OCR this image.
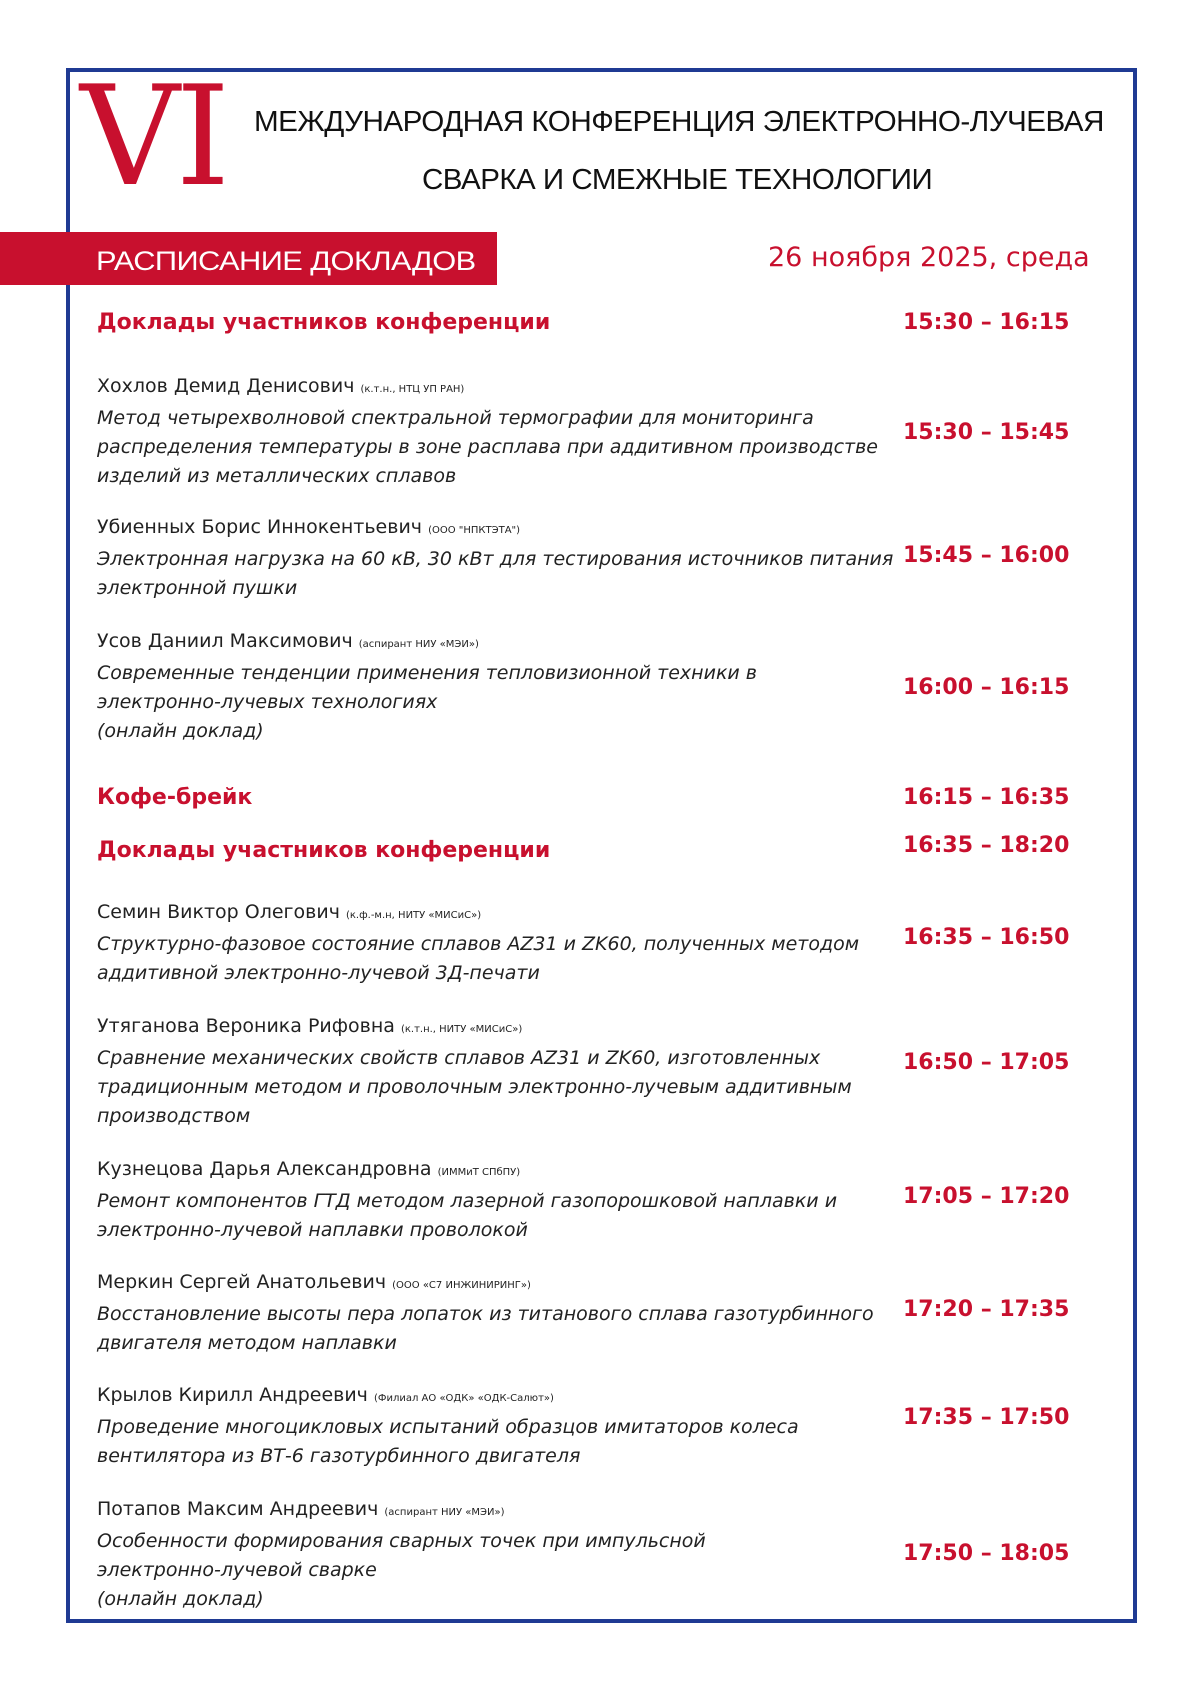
VI МЕЖДУНАРОДНАЯ КОНФЕРЕНЦИЯ ЭЛЕКТРОННО-ЛУЧЕВАЯ
СВАРКА И СМЕЖНЫЕ ТЕХНОЛОГИИ
РАСПИСАНИЕ ДОКЛАДОВ	26 ноября 2025, среда
Доклады участников конференции	15:30 – 16:15
Хохлов Демид Денисович (к.т.н., НТЦ УП РАН)
Метод четырехволновой спектральной термографии для мониторинга
распределения температуры в зоне расплава при аддитивном производстве
изделий из металлических сплавов
15:30 – 15:45
Убиенных Борис Иннокентьевич (ООО "НПКТЭТА")
Электронная нагрузка на 60 кВ, 30 кВт для тестирования источников питания
электронной пушки
15:45 – 16:00
Усов Даниил Максимович (аспирант НИУ «МЭИ»)
Современные тенденции применения тепловизионной техники в
электронно-лучевых технологиях
(онлайн доклад)
16:00 – 16:15
Кофе-брейк	16:15 – 16:35
Доклады участников конференции	16:35 – 18:20
Семин Виктор Олегович (к.ф.-м.н, НИТУ «МИСиС»)
Структурно-фазовое состояние сплавов AZ31 и ZK60, полученных методом
аддитивной электронно-лучевой 3Д-печати
16:35 – 16:50
Утяганова Вероника Рифовна (к.т.н., НИТУ «МИСиС»)
Сравнение механических свойств сплавов AZ31 и ZK60, изготовленных
традиционным методом и проволочным электронно-лучевым аддитивным
производством
16:50 – 17:05
Кузнецова Дарья Александровна (ИММиТ СПбПУ)
Ремонт компонентов ГТД методом лазерной газопорошковой наплавки и
электронно-лучевой наплавки проволокой
17:05 – 17:20
Меркин Сергей Анатольевич (ООО «С7 ИНЖИНИРИНГ»)
Восстановление высоты пера лопаток из титанового сплава газотурбинного
двигателя методом наплавки
17:20 – 17:35
Крылов Кирилл Андреевич (Филиал АО «ОДК» «ОДК-Салют»)
Проведение многоцикловых испытаний образцов имитаторов колеса
вентилятора из ВТ-6 газотурбинного двигателя
17:35 – 17:50
Потапов Максим Андреевич (аспирант НИУ «МЭИ»)
Особенности формирования сварных точек при импульсной
электронно-лучевой сварке
(онлайн доклад)
17:50 – 18:05
